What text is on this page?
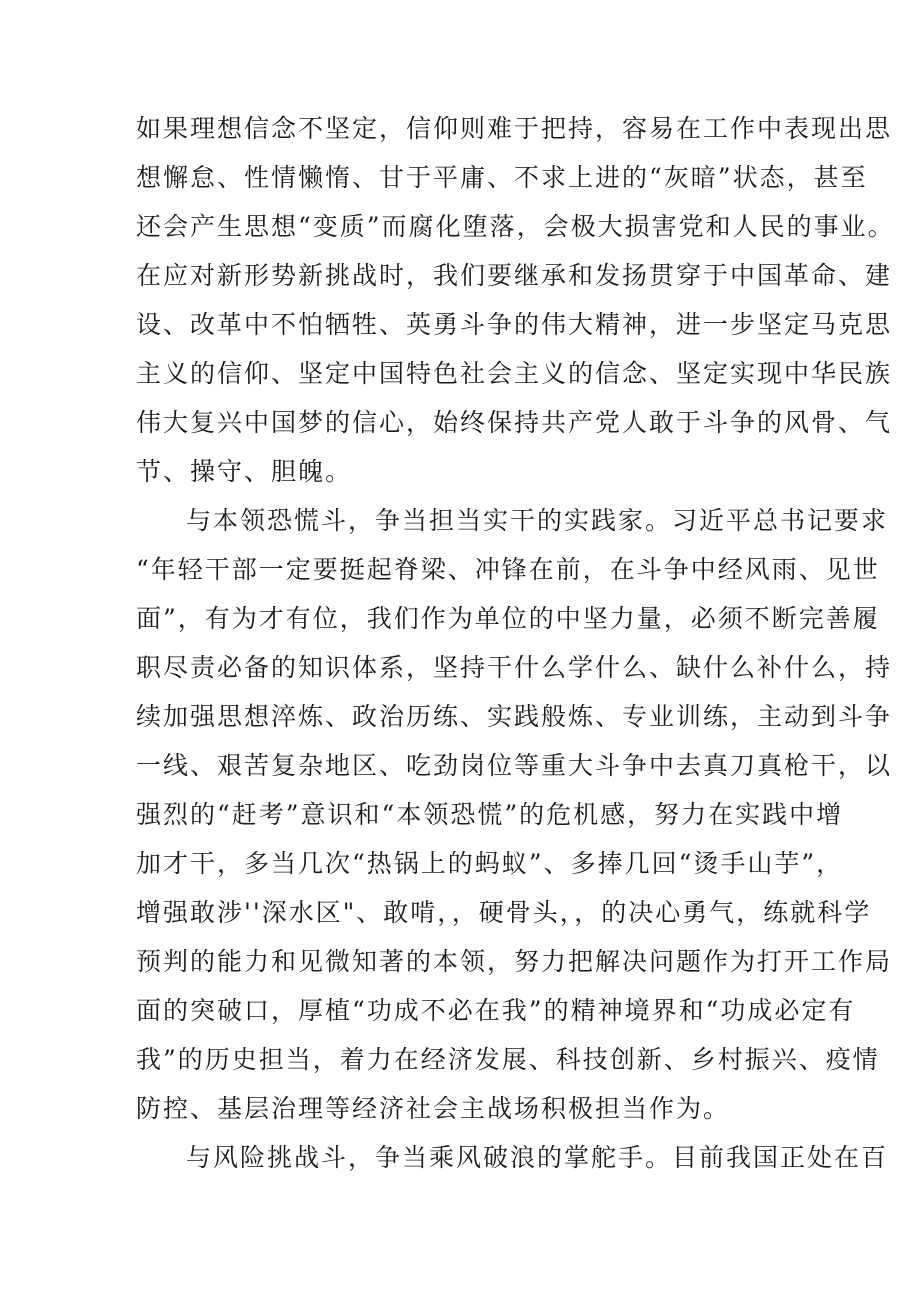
如果理想信念不坚定，信仰则难于把持，容易在工作中表现出思
想懈怠、性情懒惰、甘于平庸、不求上进的“灰暗”状态，甚至
还会产生思想“变质”而腐化堕落，会极大损害党和人民的事业。
在应对新形势新挑战时，我们要继承和发扬贯穿于中国革命、建
设、改革中不怕牺牲、英勇斗争的伟大精神，进一步坚定马克思
主义的信仰、坚定中国特色社会主义的信念、坚定实现中华民族
伟大复兴中国梦的信心，始终保持共产党人敢于斗争的风骨、气
节、操守、胆魄。
与本领恐慌斗，争当担当实干的实践家。习近平总书记要求
“年轻干部一定要挺起脊梁、冲锋在前，在斗争中经风雨、见世
面”，有为才有位，我们作为单位的中坚力量，必须不断完善履
职尽责必备的知识体系，坚持干什么学什么、缺什么补什么，持
续加强思想淬炼、政治历练、实践般炼、专业训练，主动到斗争
一线、艰苦复杂地区、吃劲岗位等重大斗争中去真刀真枪干，以
强烈的“赶考”意识和“本领恐慌”的危机感，努力在实践中增
加才干，多当几次“热锅上的蚂蚁”、多捧几回“烫手山芋”，
增强敢涉''深水区"、敢啃，，硬骨头，，的决心勇气，练就科学
预判的能力和见微知著的本领，努力把解决问题作为打开工作局
面的突破口，厚植“功成不必在我”的精神境界和“功成必定有
我”的历史担当，着力在经济发展、科技创新、乡村振兴、疫情
防控、基层治理等经济社会主战场积极担当作为。
与风险挑战斗，争当乘风破浪的掌舵手。目前我国正处在百
